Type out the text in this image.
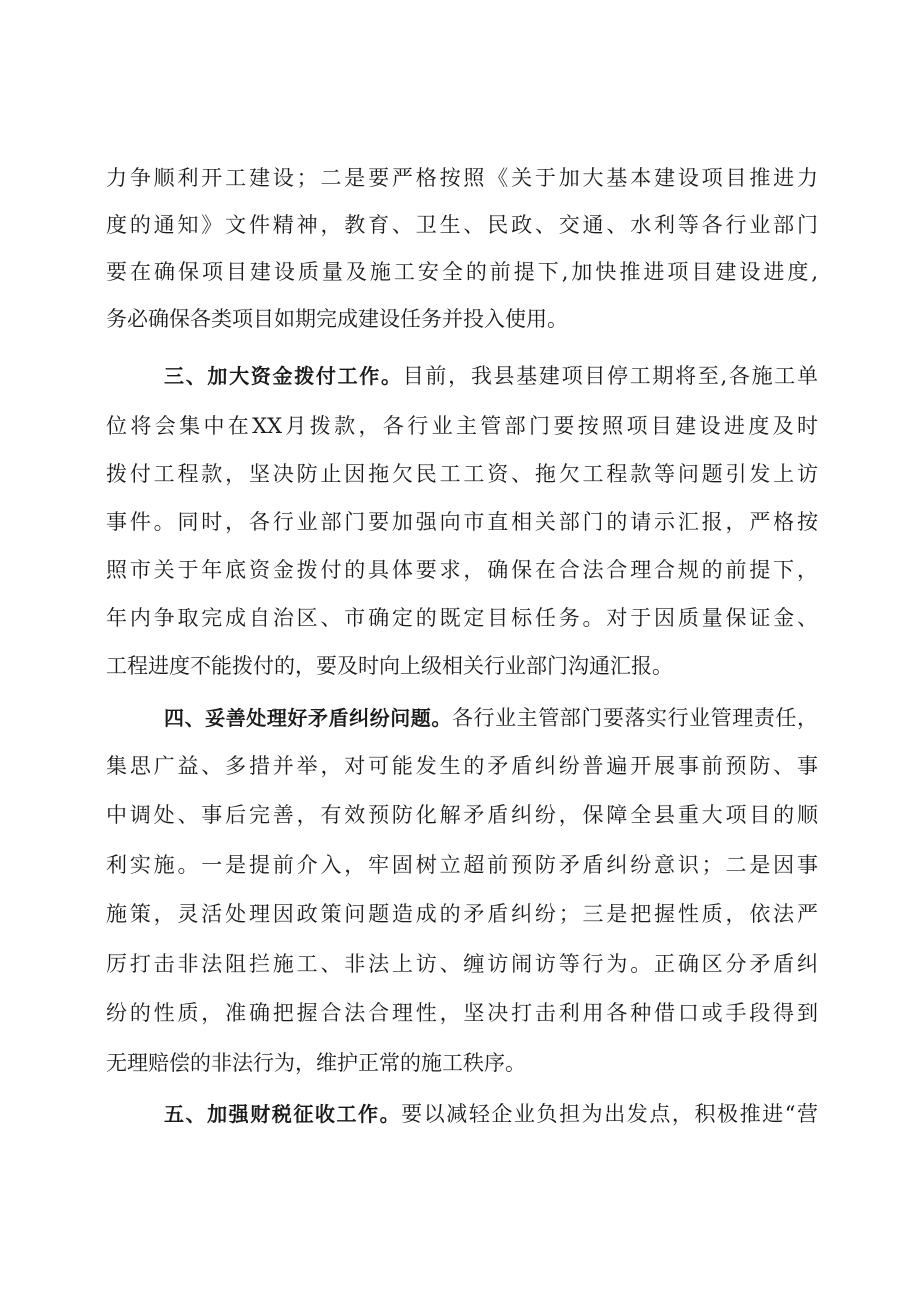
力争顺利开工建设；二是要严格按照《关于加大基本建设项目推进力
度的通知》文件精神，教育、卫生、民政、交通、水利等各行业部门
要在确保项目建设质量及施工安全的前提下,加快推进项目建设进度,
务必确保各类项目如期完成建设任务并投入使用。
三、加大资金拨付工作。目前，我县基建项目停工期将至,各施工单
位将会集中在XX月拨款，各行业主管部门要按照项目建设进度及时
拨付工程款，坚决防止因拖欠民工工资、拖欠工程款等问题引发上访
事件。同时，各行业部门要加强向市直相关部门的请示汇报，严格按
照市关于年底资金拨付的具体要求，确保在合法合理合规的前提下，
年内争取完成自治区、市确定的既定目标任务。对于因质量保证金、
工程进度不能拨付的，要及时向上级相关行业部门沟通汇报。
四、妥善处理好矛盾纠纷问题。各行业主管部门要落实行业管理责任，
集思广益、多措并举，对可能发生的矛盾纠纷普遍开展事前预防、事
中调处、事后完善，有效预防化解矛盾纠纷，保障全县重大项目的顺
利实施。一是提前介入，牢固树立超前预防矛盾纠纷意识；二是因事
施策，灵活处理因政策问题造成的矛盾纠纷；三是把握性质，依法严
厉打击非法阻拦施工、非法上访、缠访闹访等行为。正确区分矛盾纠
纷的性质，准确把握合法合理性，坚决打击利用各种借口或手段得到
无理赔偿的非法行为，维护正常的施工秩序。
五、加强财税征收工作。要以减轻企业负担为出发点，积极推进“营
